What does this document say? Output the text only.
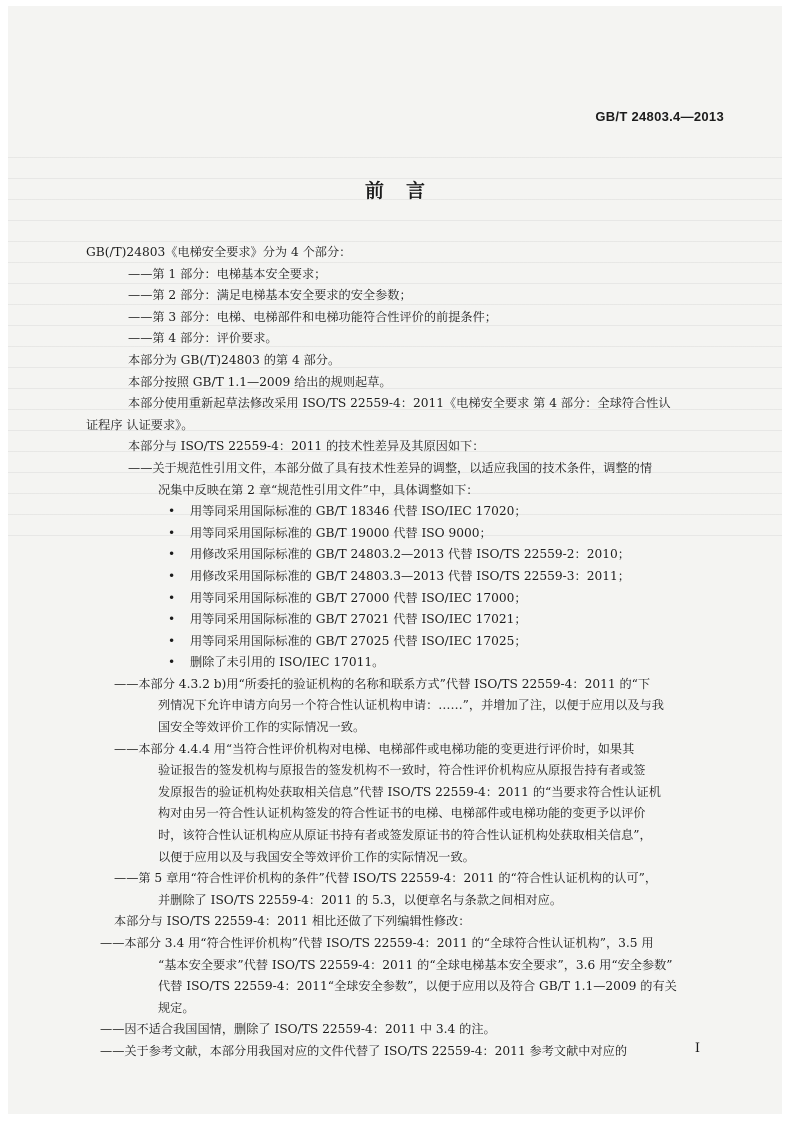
GB/T 24803.4—2013
前言

GB(/T)24803《电梯安全要求》分为 4 个部分：

——第 1 部分：电梯基本安全要求；

——第 2 部分：满足电梯基本安全要求的安全参数；

——第 3 部分：电梯、电梯部件和电梯功能符合性评价的前提条件；

——第 4 部分：评价要求。

本部分为 GB(/T)24803 的第 4 部分。

本部分按照 GB/T 1.1—2009 给出的规则起草。

本部分使用重新起草法修改采用 ISO/TS 22559-4：2011《电梯安全要求 第 4 部分：全球符合性认

证程序 认证要求》。

本部分与 ISO/TS 22559-4：2011 的技术性差异及其原因如下：

——关于规范性引用文件，本部分做了具有技术性差异的调整，以适应我国的技术条件，调整的情

况集中反映在第 2 章“规范性引用文件”中，具体调整如下：

• 用等同采用国际标准的 GB/T 18346 代替 ISO/IEC 17020；
• 用等同采用国际标准的 GB/T 19000 代替 ISO 9000；
• 用修改采用国际标准的 GB/T 24803.2—2013 代替 ISO/TS 22559-2：2010；
• 用修改采用国际标准的 GB/T 24803.3—2013 代替 ISO/TS 22559-3：2011；
• 用等同采用国际标准的 GB/T 27000 代替 ISO/IEC 17000；
• 用等同采用国际标准的 GB/T 27021 代替 ISO/IEC 17021；
• 用等同采用国际标准的 GB/T 27025 代替 ISO/IEC 17025；
• 删除了未引用的 ISO/IEC 17011。

——本部分 4.3.2 b)用“所委托的验证机构的名称和联系方式”代替 ISO/TS 22559-4：2011 的“下

列情况下允许申请方向另一个符合性认证机构申请：……”，并增加了注，以便于应用以及与我

国安全等效评价工作的实际情况一致。

——本部分 4.4.4 用“当符合性评价机构对电梯、电梯部件或电梯功能的变更进行评价时，如果其

验证报告的签发机构与原报告的签发机构不一致时，符合性评价机构应从原报告持有者或签

发原报告的验证机构处获取相关信息”代替 ISO/TS 22559-4：2011 的“当要求符合性认证机

构对由另一符合性认证机构签发的符合性证书的电梯、电梯部件或电梯功能的变更予以评价

时，该符合性认证机构应从原证书持有者或签发原证书的符合性认证机构处获取相关信息”，

以便于应用以及与我国安全等效评价工作的实际情况一致。

——第 5 章用“符合性评价机构的条件”代替 ISO/TS 22559-4：2011 的“符合性认证机构的认可”，

并删除了 ISO/TS 22559-4：2011 的 5.3，以便章名与条款之间相对应。

本部分与 ISO/TS 22559-4：2011 相比还做了下列编辑性修改：

——本部分 3.4 用“符合性评价机构”代替 ISO/TS 22559-4：2011 的“全球符合性认证机构”，3.5 用

“基本安全要求”代替 ISO/TS 22559-4：2011 的“全球电梯基本安全要求”，3.6 用“安全参数”

代替 ISO/TS 22559-4：2011“全球安全参数”，以便于应用以及符合 GB/T 1.1—2009 的有关

规定。

——因不适合我国国情，删除了 ISO/TS 22559-4：2011 中 3.4 的注。

——关于参考文献，本部分用我国对应的文件代替了 ISO/TS 22559-4：2011 参考文献中对应的	I
